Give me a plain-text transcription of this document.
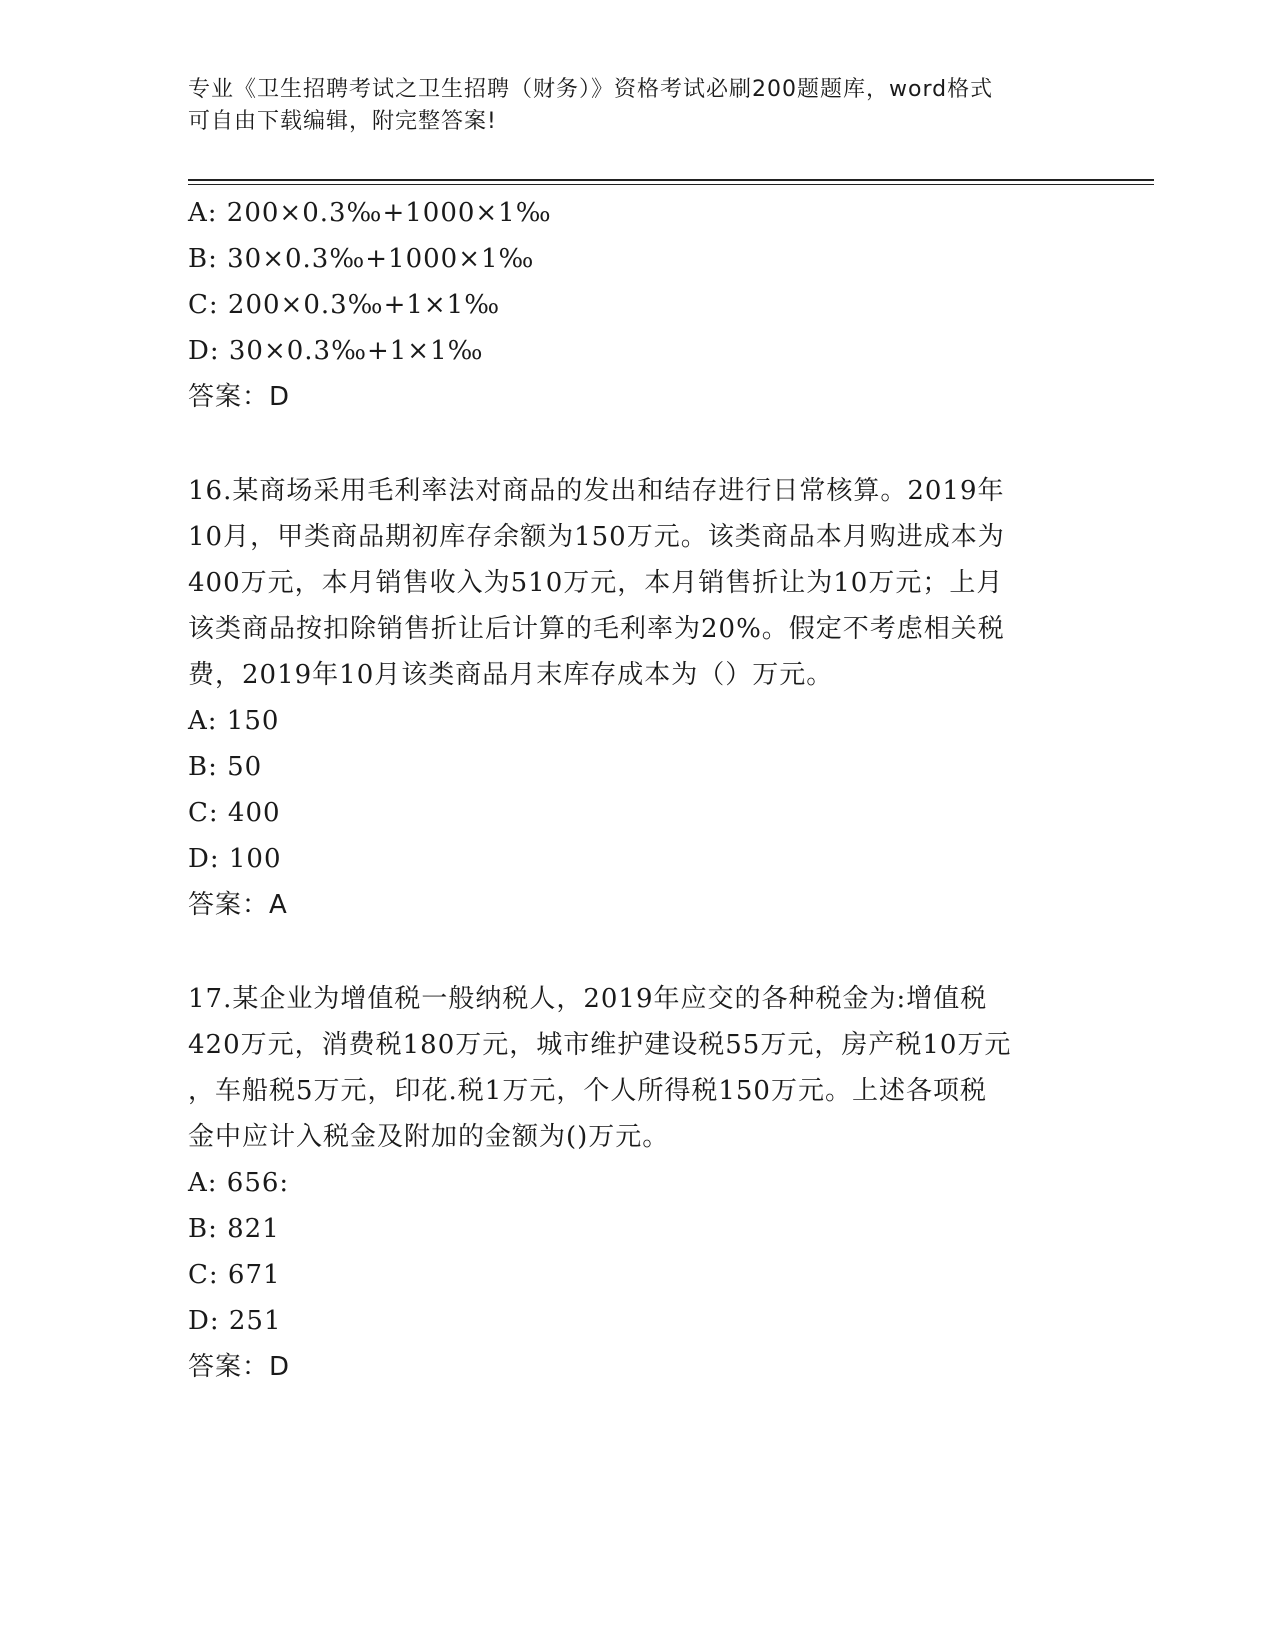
专业《卫生招聘考试之卫生招聘（财务）》资格考试必刷200题题库，word格式
可自由下载编辑，附完整答案!
A: 200×0.3‰+1000×1‰
B: 30×0.3‰+1000×1‰
C: 200×0.3‰+1×1‰
D: 30×0.3‰+1×1‰
答案：D
16.某商场采用毛利率法对商品的发出和结存进行日常核算。2019年
10月，甲类商品期初库存余额为150万元。该类商品本月购进成本为
400万元，本月销售收入为510万元，本月销售折让为10万元；上月
该类商品按扣除销售折让后计算的毛利率为20%。假定不考虑相关税
费，2019年10月该类商品月末库存成本为（）万元。
A: 150
B: 50
C: 400
D: 100
答案：A
17.某企业为增值税一般纳税人，2019年应交的各种税金为:增值税
420万元，消费税180万元，城市维护建设税55万元，房产税10万元
，车船税5万元，印花.税1万元，个人所得税150万元。上述各项税
金中应计入税金及附加的金额为()万元。
A: 656:
B: 821
C: 671
D: 251
答案：D
